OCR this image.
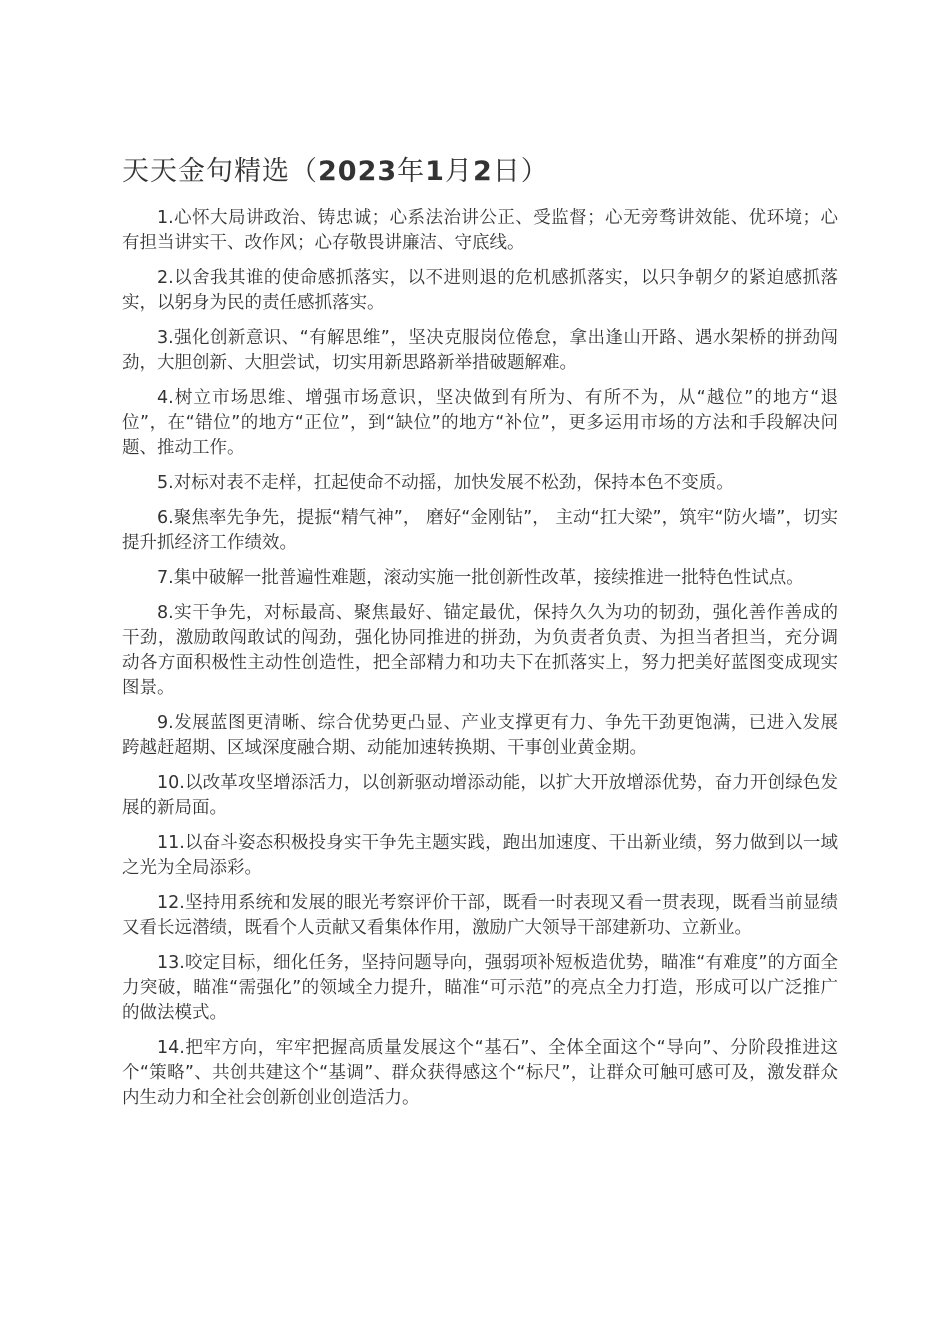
天天金句精选（2023年1月2日）

1.心怀大局讲政治、铸忠诚；心系法治讲公正、受监督；心无旁骛讲效能、优环境；心有担当讲实干、改作风；心存敬畏讲廉洁、守底线。

2.以舍我其谁的使命感抓落实，以不进则退的危机感抓落实，以只争朝夕的紧迫感抓落实，以躬身为民的责任感抓落实。

3.强化创新意识、“有解思维”，坚决克服岗位倦怠，拿出逢山开路、遇水架桥的拼劲闯劲，大胆创新、大胆尝试，切实用新思路新举措破题解难。

4.树立市场思维、增强市场意识，坚决做到有所为、有所不为，从“越位”的地方“退位”，在“错位”的地方“正位”，到“缺位”的地方“补位”，更多运用市场的方法和手段解决问题、推动工作。

5.对标对表不走样，扛起使命不动摇，加快发展不松劲，保持本色不变质。

6.聚焦率先争先，提振“精气神”， 磨好“金刚钻”， 主动“扛大梁”，筑牢“防火墙”，切实提升抓经济工作绩效。

7.集中破解一批普遍性难题，滚动实施一批创新性改革，接续推进一批特色性试点。

8.实干争先，对标最高、聚焦最好、锚定最优，保持久久为功的韧劲，强化善作善成的干劲，激励敢闯敢试的闯劲，强化协同推进的拼劲，为负责者负责、为担当者担当，充分调动各方面积极性主动性创造性，把全部精力和功夫下在抓落实上，努力把美好蓝图变成现实图景。

9.发展蓝图更清晰、综合优势更凸显、产业支撑更有力、争先干劲更饱满，已进入发展跨越赶超期、区域深度融合期、动能加速转换期、干事创业黄金期。

10.以改革攻坚增添活力，以创新驱动增添动能，以扩大开放增添优势，奋力开创绿色发展的新局面。

11.以奋斗姿态积极投身实干争先主题实践，跑出加速度、干出新业绩，努力做到以一域之光为全局添彩。

12.坚持用系统和发展的眼光考察评价干部，既看一时表现又看一贯表现，既看当前显绩又看长远潜绩，既看个人贡献又看集体作用，激励广大领导干部建新功、立新业。

13.咬定目标，细化任务，坚持问题导向，强弱项补短板造优势，瞄准“有难度”的方面全力突破，瞄准“需强化”的领域全力提升，瞄准“可示范”的亮点全力打造，形成可以广泛推广的做法模式。

14.把牢方向，牢牢把握高质量发展这个“基石”、全体全面这个“导向”、分阶段推进这个“策略”、共创共建这个“基调”、群众获得感这个“标尺”，让群众可触可感可及，激发群众内生动力和全社会创新创业创造活力。
